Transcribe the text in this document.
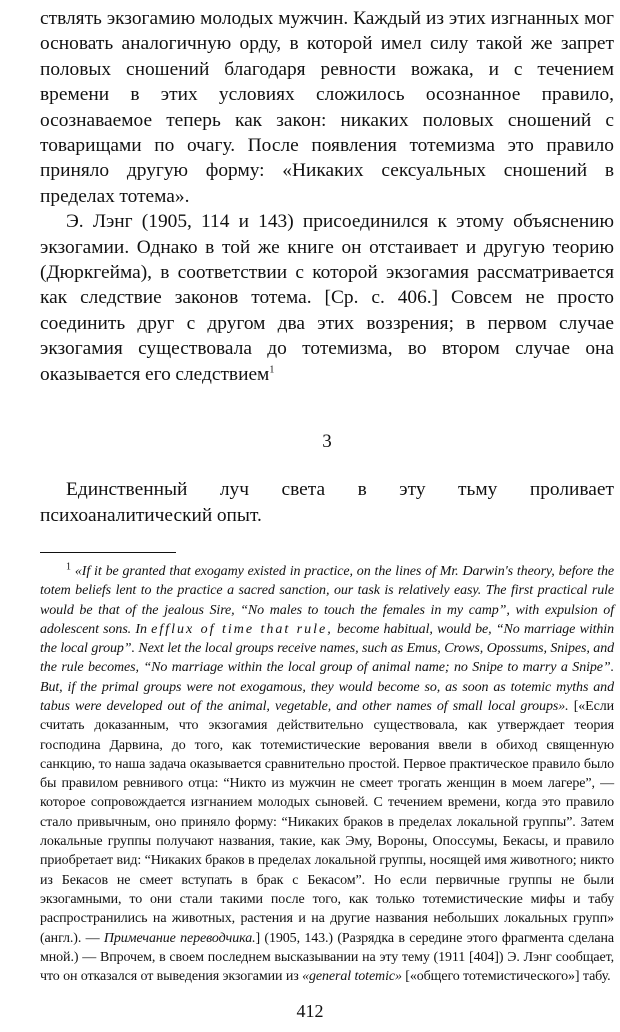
ствлять экзогамию молодых мужчин. Каждый из этих изгнанных мог основать аналогичную орду, в которой имел силу такой же запрет половых сношений благодаря ревности вожака, и с течением времени в этих условиях сложилось осознанное правило, осознаваемое теперь как закон: никаких половых сношений с товарищами по очагу. После появления тотемизма это правило приняло другую форму: «Никаких сексуальных сношений в пределах тотема».

Э. Лэнг (1905, 114 и 143) присоединился к этому объяснению экзогамии. Однако в той же книге он отстаивает и другую теорию (Дюркгейма), в соответствии с которой экзогамия рассматривается как следствие законов тотема. [Ср. с. 406.] Совсем не просто соединить друг с другом два этих воззрения; в первом случае экзогамия существовала до тотемизма, во втором случае она оказывается его следствием$^1$

3

Единственный луч света в эту тьму проливает психоаналитический опыт.

$^1$ «If it be granted that exogamy existed in practice, on the lines of Mr. Darwin's theory, before the totem beliefs lent to the practice a sacred sanction, our task is relatively easy. The first practical rule would be that of the jealous Sire, “No males to touch the females in my camp”, with expulsion of adolescent sons. In efflux of time that rule, become habitual, would be, “No marriage within the local group”. Next let the local groups receive names, such as Emus, Crows, Opossums, Snipes, and the rule becomes, “No marriage within the local group of animal name; no Snipe to marry a Snipe”. But, if the primal groups were not exogamous, they would become so, as soon as totemic myths and tabus were developed out of the animal, vegetable, and other names of small local groups». [«Если считать доказанным, что экзогамия действительно существовала, как утверждает теория господина Дарвина, до того, как тотемистические верования ввели в обиход священную санкцию, то наша задача оказывается сравнительно простой. Первое практическое правило было бы правилом ревнивого отца: “Никто из мужчин не смеет трогать женщин в моем лагере”, — которое сопровождается изгнанием молодых сыновей. С течением времени, когда это правило стало привычным, оно приняло форму: “Никаких браков в пределах локальной группы”. Затем локальные группы получают названия, такие, как Эму, Вороны, Опоссумы, Бекасы, и правило приобретает вид: “Никаких браков в пределах локальной группы, носящей имя животного; никто из Бекасов не смеет вступать в брак с Бекасом”. Но если первичные группы не были экзогамными, то они стали такими после того, как только тотемистические мифы и табу распространились на животных, растения и на другие названия небольших локальных групп» (англ.). — Примечание переводчика.] (1905, 143.) (Разрядка в середине этого фрагмента сделана мной.) — Впрочем, в своем последнем высказывании на эту тему (1911 [404]) Э. Лэнг сообщает, что он отказался от выведения экзогамии из «general totemic» [«общего тотемистического»] табу.

412
